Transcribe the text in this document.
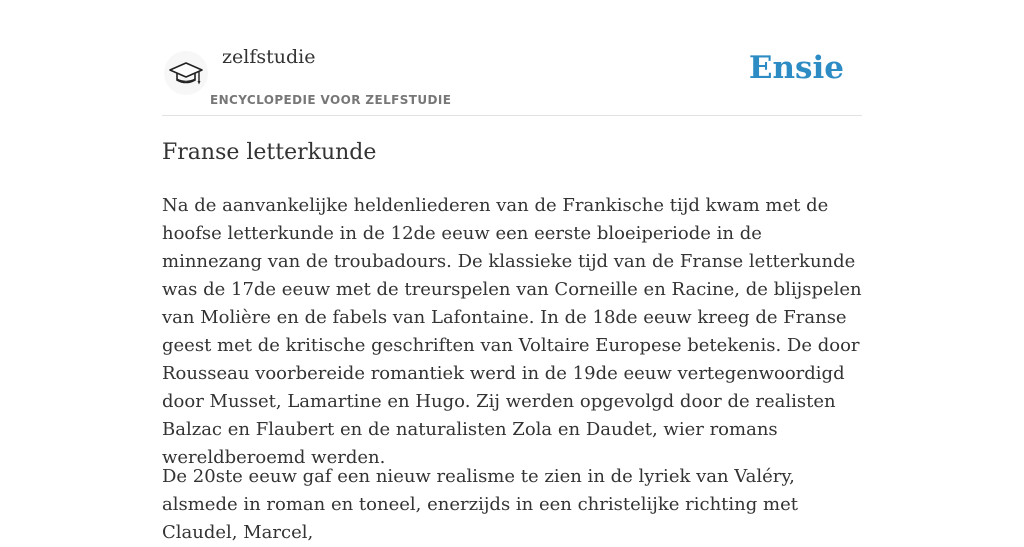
zelfstudie
ENCYCLOPEDIE VOOR ZELFSTUDIE
Ensie
Franse letterkunde

Na de aanvankelijke heldenliederen van de Frankische tijd kwam met de hoofse letterkunde in de 12de eeuw een eerste bloeiperiode in de minnezang van de troubadours. De klassieke tijd van de Franse letterkunde was de 17de eeuw met de treurspelen van Corneille en Racine, de blijspelen van Molière en de fabels van Lafontaine. In de 18de eeuw kreeg de Franse geest met de kritische geschriften van Voltaire Europese betekenis. De door Rousseau voorbereide romantiek werd in de 19de eeuw vertegenwoordigd door Musset, Lamartine en Hugo. Zij werden opgevolgd door de realisten Balzac en Flaubert en de naturalisten Zola en Daudet, wier romans wereldberoemd werden.

De 20ste eeuw gaf een nieuw realisme te zien in de lyriek van Valéry, alsmede in roman en toneel, enerzijds in een christelijke richting met Claudel, Marcel,
